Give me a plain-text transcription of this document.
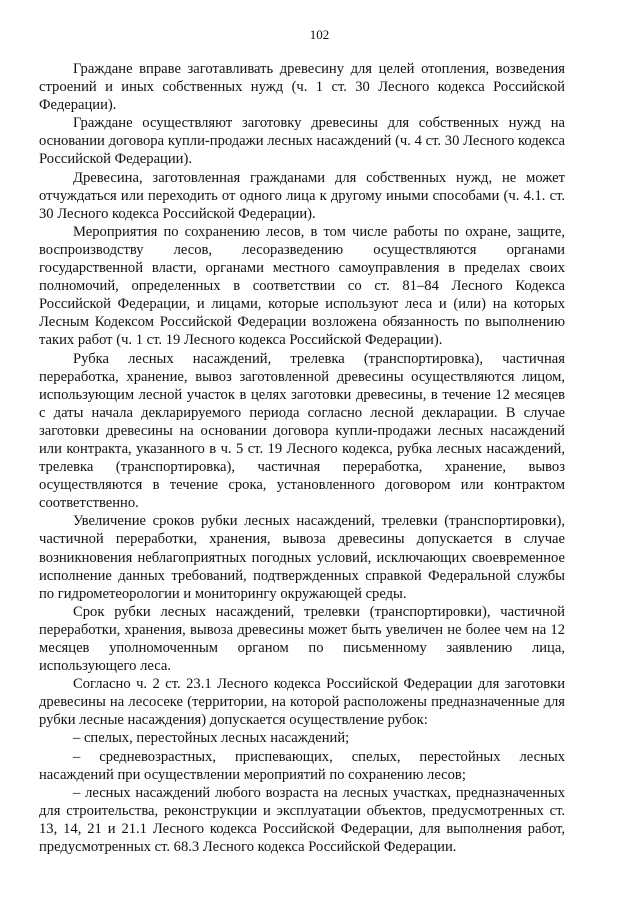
102

Граждане вправе заготавливать древесину для целей отопления, возведения строений и иных собственных нужд (ч. 1 ст. 30 Лесного кодекса Российской Федерации).

Граждане осуществляют заготовку древесины для собственных нужд на основании договора купли-продажи лесных насаждений (ч. 4 ст. 30 Лесного кодекса Российской Федерации).

Древесина, заготовленная гражданами для собственных нужд, не может отчуждаться или переходить от одного лица к другому иными способами (ч. 4.1. ст. 30 Лесного кодекса Российской Федерации).

Мероприятия по сохранению лесов, в том числе работы по охране, защите, воспроизводству лесов, лесоразведению осуществляются органами государственной власти, органами местного самоуправления в пределах своих полномочий, определенных в соответствии со ст. 81–84 Лесного Кодекса Российской Федерации, и лицами, которые используют леса и (или) на которых Лесным Кодексом Российской Федерации возложена обязанность по выполнению таких работ (ч. 1 ст. 19 Лесного кодекса Российской Федерации).

Рубка лесных насаждений, трелевка (транспортировка), частичная переработка, хранение, вывоз заготовленной древесины осуществляются лицом, использующим лесной участок в целях заготовки древесины, в течение 12 месяцев с даты начала декларируемого периода согласно лесной декларации. В случае заготовки древесины на основании договора купли-продажи лесных насаждений или контракта, указанного в ч. 5 ст. 19 Лесного кодекса, рубка лесных насаждений, трелевка (транспортировка), частичная переработка, хранение, вывоз осуществляются в течение срока, установленного договором или контрактом соответственно.

Увеличение сроков рубки лесных насаждений, трелевки (транспортировки), частичной переработки, хранения, вывоза древесины допускается в случае возникновения неблагоприятных погодных условий, исключающих своевременное исполнение данных требований, подтвержденных справкой Федеральной службы по гидрометеорологии и мониторингу окружающей среды.

Срок рубки лесных насаждений, трелевки (транспортировки), частичной переработки, хранения, вывоза древесины может быть увеличен не более чем на 12 месяцев уполномоченным органом по письменному заявлению лица, использующего леса.

Согласно ч. 2 ст. 23.1 Лесного кодекса Российской Федерации для заготовки древесины на лесосеке (территории, на которой расположены предназначенные для рубки лесные насаждения) допускается осуществление рубок:

– спелых, перестойных лесных насаждений;

– средневозрастных, приспевающих, спелых, перестойных лесных насаждений при осуществлении мероприятий по сохранению лесов;

– лесных насаждений любого возраста на лесных участках, предназначенных для строительства, реконструкции и эксплуатации объектов, предусмотренных ст. 13, 14, 21 и 21.1 Лесного кодекса Российской Федерации, для выполнения работ, предусмотренных ст. 68.3 Лесного кодекса Российской Федерации.
